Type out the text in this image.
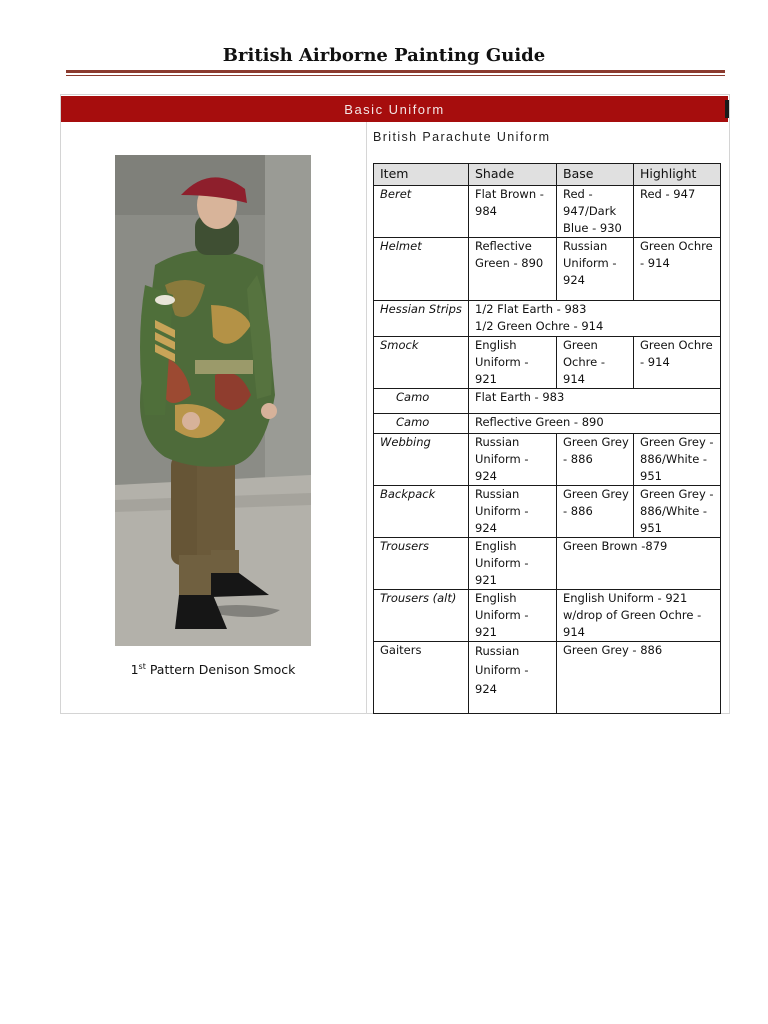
British Airborne Painting Guide
Basic Uniform
1st Pattern Denison Smock
British Parachute Uniform
Item	Shade	Base	Highlight
Beret	Flat Brown - 984	Red - 947/Dark Blue - 930	Red - 947
Helmet	Reflective Green - 890	Russian Uniform - 924	Green Ochre - 914
Hessian Strips	1/2 Flat Earth - 983
1/2 Green Ochre - 914		

Smock	English Uniform - 921	Green Ochre - 914	Green Ochre - 914
Camo	Flat Earth - 983		
Camo	Reflective Green - 890		
Webbing	Russian Uniform - 924	Green Grey - 886	Green Grey - 886/White - 951
Backpack	Russian Uniform - 924	Green Grey - 886	Green Grey - 886/White - 951
Trousers	English Uniform - 921	Green Brown -879	
Trousers (alt)	English Uniform - 921	English Uniform - 921 w/drop of Green Ochre - 914	
Gaiters	Russian Uniform - 924	Green Grey - 886	
